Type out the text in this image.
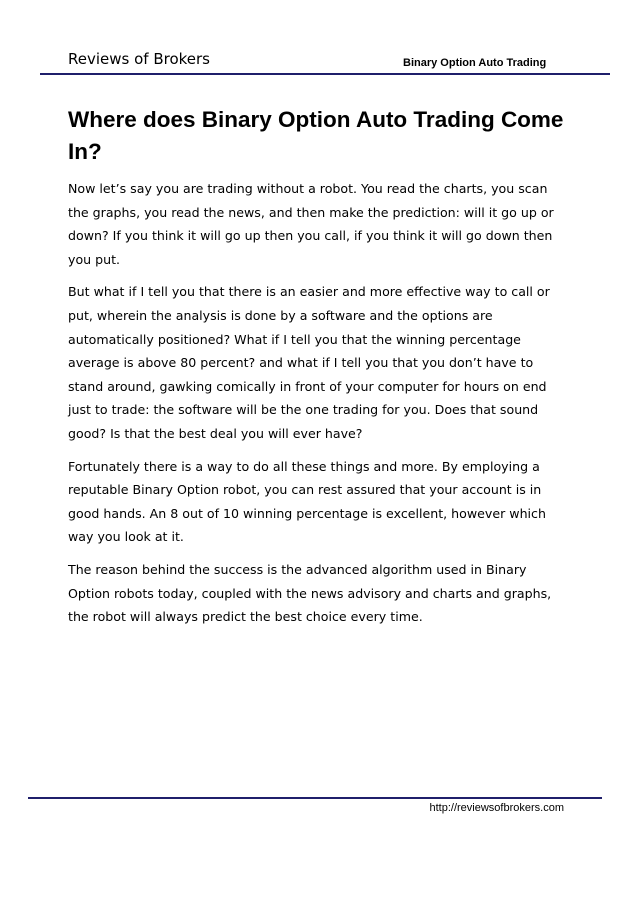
Reviews of Brokers	Binary Option Auto Trading
Where does Binary Option Auto Trading Come In?

Now let’s say you are trading without a robot. You read the charts, you scan the graphs, you read the news, and then make the prediction: will it go up or down? If you think it will go up then you call, if you think it will go down then you put.

But what if I tell you that there is an easier and more effective way to call or put, wherein the analysis is done by a software and the options are automatically positioned? What if I tell you that the winning percentage average is above 80 percent? and what if I tell you that you don’t have to stand around, gawking comically in front of your computer for hours on end just to trade: the software will be the one trading for you. Does that sound good? Is that the best deal you will ever have?

Fortunately there is a way to do all these things and more. By employing a reputable Binary Option robot, you can rest assured that your account is in good hands. An 8 out of 10 winning percentage is excellent, however which way you look at it.

The reason behind the success is the advanced algorithm used in Binary Option robots today, coupled with the news advisory and charts and graphs, the robot will always predict the best choice every time.

http://reviewsofbrokers.com
